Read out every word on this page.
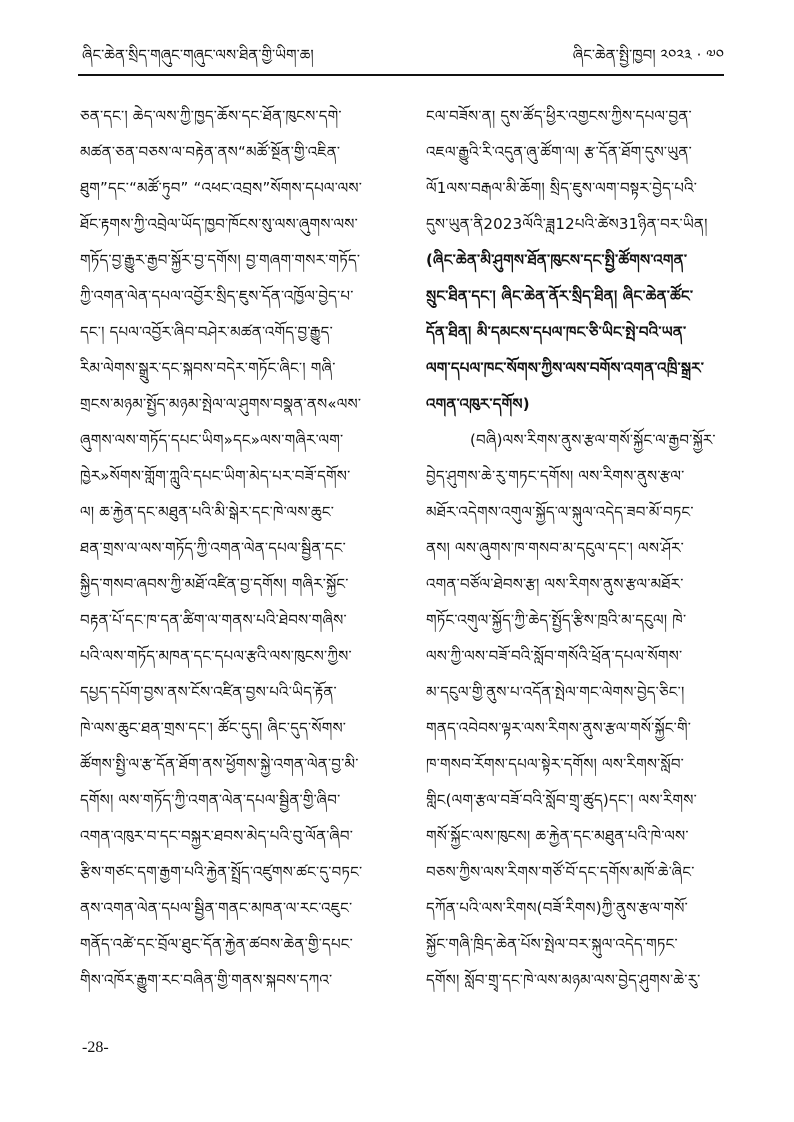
ཞིང་ཆེན་སྲིད་གཞུང་གཞུང་ལས་ཐིན་གྱི་ཡིག་ཆ།	ཞིང་ཆེན་སྤྱི་ཁྱབ། ༢༠༢༣ · ༧༠
ཅན་དང་། ཆེད་ལས་ཀྱི་ཁྱད་ཆོས་དང་ཐོན་ཁུངས་དགེ་
མཚན་ཅན་བཅས་ལ་བརྟེན་ནས“མཚོ་སྔོན་གྱི་འཇིན་
ཐུག”དང་“མཚོ་ཏུབ” “འཕང་འབྲས”སོགས་དཔལ་ལས་
ཐོང་རྟགས་ཀྱི་འབྲེལ་ཡོད་ཁྱབ་ཁོངས་སུ་ལས་ཞུགས་ལས་
གཏོད་བྱ་རྒྱུར་རྒྱབ་སྐྱོར་བྱ་དགོས། བྱ་གཞག་གསར་གཏོད་
ཀྱི་འགན་ལེན་དཔལ་འབྱོར་སྲིད་ཇུས་དོན་འཁྱོལ་བྱེད་པ་
དང་། དཔལ་འབྱོར་ཞིབ་བཤེར་མཚན་འགོད་བྱ་རྒྱུད་
རིམ་ལེགས་སྒྲུར་དང་སྐབས་བདེར་གཏོང་ཞིང་། གཞི་
གྲངས་མཉམ་སྤྱོད་མཉམ་སྤེལ་ལ་ཤུགས་བསྣན་ནས«ལས་
ཞུགས་ལས་གཏོད་དཔང་ཡིག»དང»ལས་གཞིར་ལག་
ཁྱེར»སོགས་གློག་ཀླུའི་དཔང་ཡིག་མེད་པར་བཟོ་དགོས་
ལ། ཆ་རྐྱེན་དང་མཐུན་པའི་མི་སྒེར་དང་ཁེ་ལས་ཆུང་
ཐན་གྲས་ལ་ལས་གཏོད་ཀྱི་འགན་ལེན་དཔལ་སྦྱིན་དང་
སྐྱིད་གསབ་ཞབས་ཀྱི་མཐོ་འཛིན་བྱ་དགོས། གཞིར་སྐྱོང་
བརྟན་པོ་དང་ཁ་དན་ཚིག་ལ་གནས་པའི་ཐེབས་གཞིས་
པའི་ལས་གཏོད་མཁན་དང་དཔལ་རྩའི་ལས་ཁུངས་ཀྱིས་
དཔྱད་དཔོག་བྱས་ནས་ངོས་འཛིན་བྱས་པའི་ཡིད་རྟོན་
ཁེ་ལས་ཆུང་ཐན་གྲས་དང་། ཚོང་དུད། ཞིང་དུད་སོགས་
ཚོགས་སྤྱི་ལ་རྩ་དོན་ཐོག་ནས་ཕྱོགས་སྐྱེ་འགན་ལེན་བྱ་མི་
དགོས། ལས་གཏོད་ཀྱི་འགན་ལེན་དཔལ་སྦྱིན་གྱི་ཞིབ་
འགན་འཁུར་བ་དང་བསྐྱར་ཐབས་མེད་པའི་བུ་ལོན་ཞིབ་
རྩིས་གཙང་དག་རྒྱག་པའི་རྐྱེན་སྤྲོད་འཛུགས་ཚང་དུ་བཏང་
ནས་འགན་ལེན་དཔལ་སྦྱིན་གནང་མཁན་ལ་རང་འཇུང་
གནོད་འཚེ་དང་བྲོལ་ཐུང་དོན་རྐྱེན་ཚབས་ཆེན་གྱི་དཔང་
གིས་འཁོར་རྒྱུག་རང་བཞིན་གྱི་གནས་སྐབས་དཀའ་
ངལ་བཟོས་ན། དུས་ཚོད་ཕྱིར་འགྱངས་ཀྱིས་དཔལ་བྱན་
འཇལ་རྒྱུའི་རི་འདུན་ཞུ་ཚོག་ལ། རྩ་དོན་ཐོག་དུས་ཡུན་
ལོ1ལས་བརྒལ་མི་ཆོག། སྲིད་ཇུས་ལག་བསྟར་བྱེད་པའི་
དུས་ཡུན་ནི2023ལོའི་ཟླ12པའི་ཚེས31ཉིན་བར་ཡིན།
(ཞིང་ཆེན་མི་ཤུགས་ཐོན་ཁུངས་དང་སྤྱི་ཚོགས་འགན་
སྲུང་ཐིན་དང་། ཞིང་ཆེན་ནོར་སྲིད་ཐིན། ཞིང་ཆེན་ཚོང་
དོན་ཐིན། མི་དམངས་དཔལ་ཁང་ཅི་ཡིང་སྤེ་བའི་ཡན་
ལག་དཔལ་ཁང་སོགས་ཀྱིས་ལས་བགོས་འགན་འཁྲི་སྒྲར་
འགན་འཁུར་དགོས)
(བཞི)ལས་རིགས་ནུས་རྩལ་གསོ་སྐྱོང་ལ་རྒྱབ་སྐྱོར་
བྱེད་ཤུགས་ཆེ་རུ་གཏང་དགོས། ལས་རིགས་ནུས་རྩལ་
མཐོར་འདེགས་འགུལ་སྐྱོད་ལ་སྐུལ་འདེད་ཟབ་མོ་བཏང་
ནས། ལས་ཞུགས་ཁ་གསབ་མ་དངུལ་དང་། ལས་ཤོར་
འགན་བཙོལ་ཐེབས་རྩ། ལས་རིགས་ནུས་རྩལ་མཐོར་
གཏོང་འགུལ་སྐྱོད་ཀྱི་ཆེད་སྤྱོད་རྩིས་ཁྲའི་མ་དངུལ། ཁེ་
ལས་ཀྱི་ལས་བཟོ་བའི་སློབ་གསོའི་ཕྲོན་དཔལ་སོགས་
མ་དངུལ་གྱི་ནུས་པ་འདོན་སྤེལ་གང་ལེགས་བྱེད་ཅིང་།
གནད་འབེབས་ལྟར་ལས་རིགས་ནུས་རྩལ་གསོ་སྐྱོང་གི་
ཁ་གསབ་རོགས་དཔལ་སྟེར་དགོས། ལས་རིགས་སློབ་
གླིང(ལག་རྩལ་བཟོ་བའི་སློབ་གྲྭ་ཚུད)དང་། ལས་རིགས་
གསོ་སྐྱོང་ལས་ཁུངས། ཆ་རྐྱེན་དང་མཐུན་པའི་ཁེ་ལས་
བཅས་ཀྱིས་ལས་རིགས་གཙོ་བོ་དང་དགོས་མཁོ་ཆེ་ཞིང་
དཀོན་པའི་ལས་རིགས(བཟོ་རིགས)ཀྱི་ནུས་རྩལ་གསོ་
སྐྱོང་གཞི་ཁྲིད་ཆེན་པོས་སྤེལ་བར་སྐུལ་འདེད་གཏང་
དགོས། སློབ་གྲྭ་དང་ཁེ་ལས་མཉམ་ལས་བྱེད་ཤུགས་ཆེ་རུ་
-28-
